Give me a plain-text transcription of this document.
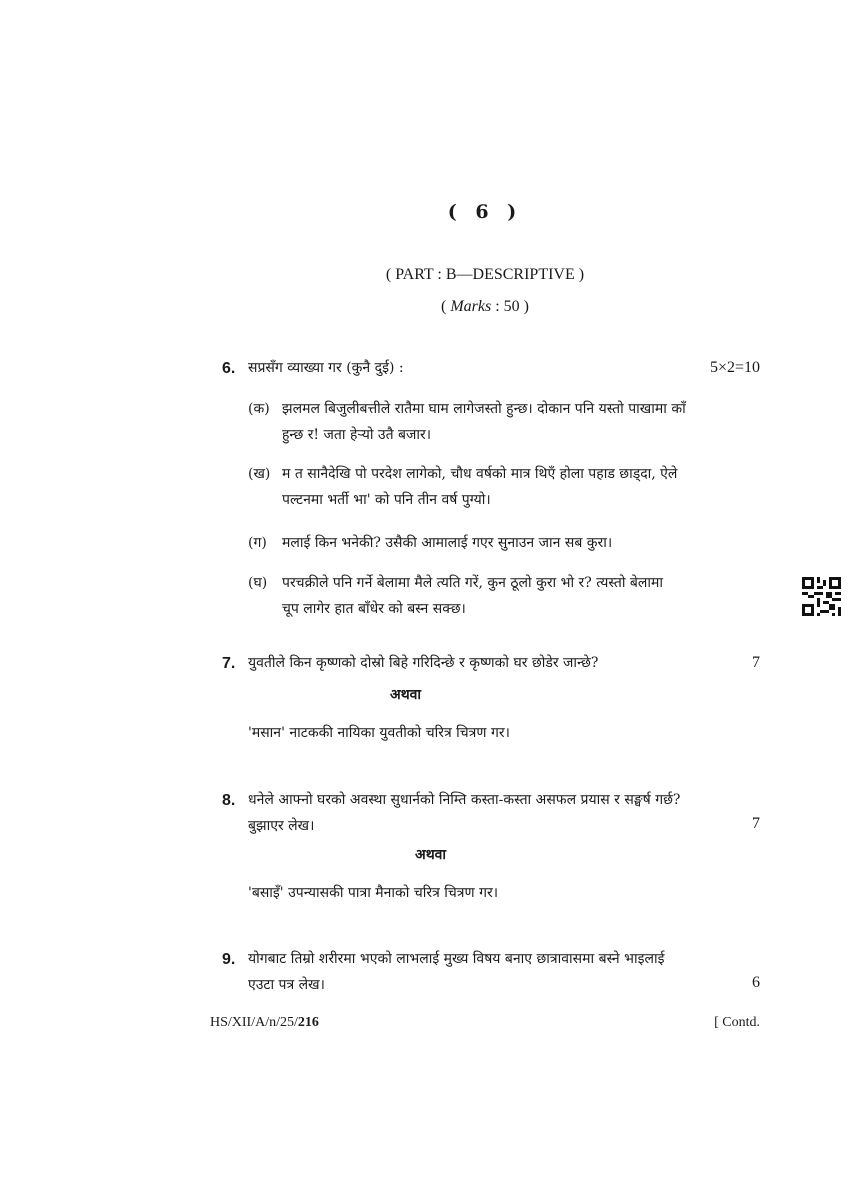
( 6 )
( PART : B—DESCRIPTIVE )
( Marks : 50 )
6. सप्रसँग व्याख्या गर (कुनै दुई) :	5×2=10
(क) झलमल बिजुलीबत्तीले रातैमा घाम लागेजस्तो हुन्छ। दोकान पनि यस्तो पाखामा काँ
हुन्छ र! जता हेर्‍यो उतै बजार।
(ख) म त सानैदेखि पो परदेश लागेको, चौध वर्षको मात्र थिएँ होला पहाड छाड्दा, ऐले
पल्टनमा भर्ती भा' को पनि तीन वर्ष पुग्यो।
(ग) मलाई किन भनेकी? उसैकी आमालाई गएर सुनाउन जान सब कुरा।
(घ) परचक्रीले पनि गर्ने बेलामा मैले त्यति गरें, कुन ठूलो कुरा भो र? त्यस्तो बेलामा
चूप लागेर हात बाँधेर को बस्न सक्छ।
7. युवतीले किन कृष्णको दोस्रो बिहे गरिदिन्छे र कृष्णको घर छोडेर जान्छे?	7
अथवा
'मसान' नाटककी नायिका युवतीको चरित्र चित्रण गर।
8. धनेले आफ्नो घरको अवस्था सुधार्नको निम्ति कस्ता-कस्ता असफल प्रयास र सङ्घर्ष गर्छ?
बुझाएर लेख।	7
अथवा
'बसाइँ' उपन्यासकी पात्रा मैनाको चरित्र चित्रण गर।
9. योगबाट तिम्रो शरीरमा भएको लाभलाई मुख्य विषय बनाए छात्रावासमा बस्ने भाइलाई
एउटा पत्र लेख।	6
HS/XII/A/n/25/216	[ Contd.
